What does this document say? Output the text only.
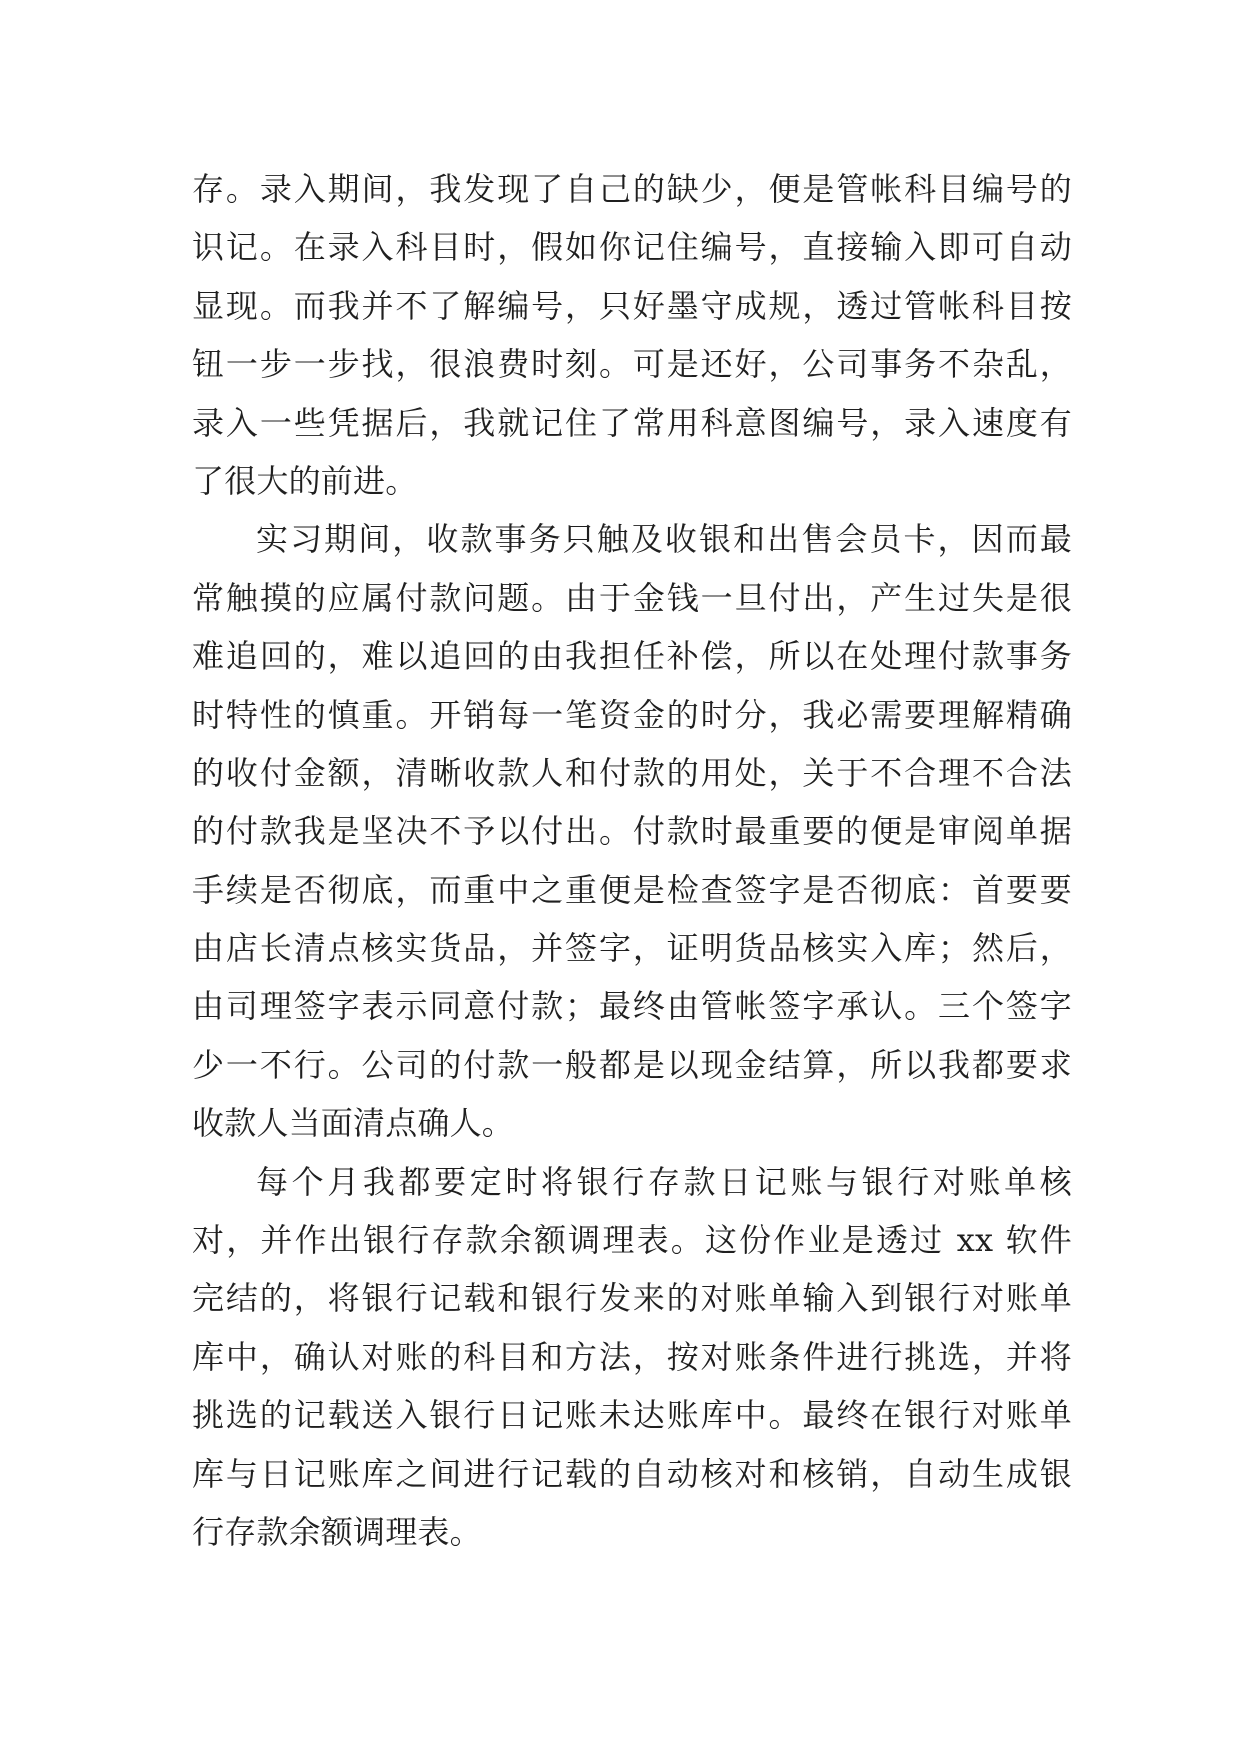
存。录入期间，我发现了自己的缺少，便是管帐科目编号的
识记。在录入科目时，假如你记住编号，直接输入即可自动
显现。而我并不了解编号，只好墨守成规，透过管帐科目按
钮一步一步找，很浪费时刻。可是还好，公司事务不杂乱，
录入一些凭据后，我就记住了常用科意图编号，录入速度有
了很大的前进。
实习期间，收款事务只触及收银和出售会员卡，因而最
常触摸的应属付款问题。由于金钱一旦付出，产生过失是很
难追回的，难以追回的由我担任补偿，所以在处理付款事务
时特性的慎重。开销每一笔资金的时分，我必需要理解精确
的收付金额，清晰收款人和付款的用处，关于不合理不合法
的付款我是坚决不予以付出。付款时最重要的便是审阅单据
手续是否彻底，而重中之重便是检查签字是否彻底：首要要
由店长清点核实货品，并签字，证明货品核实入库；然后，
由司理签字表示同意付款；最终由管帐签字承认。三个签字
少一不行。公司的付款一般都是以现金结算，所以我都要求
收款人当面清点确人。
每个月我都要定时将银行存款日记账与银行对账单核
对，并作出银行存款余额调理表。这份作业是透过 xx 软件
完结的，将银行记载和银行发来的对账单输入到银行对账单
库中，确认对账的科目和方法，按对账条件进行挑选，并将
挑选的记载送入银行日记账未达账库中。最终在银行对账单
库与日记账库之间进行记载的自动核对和核销，自动生成银
行存款余额调理表。
